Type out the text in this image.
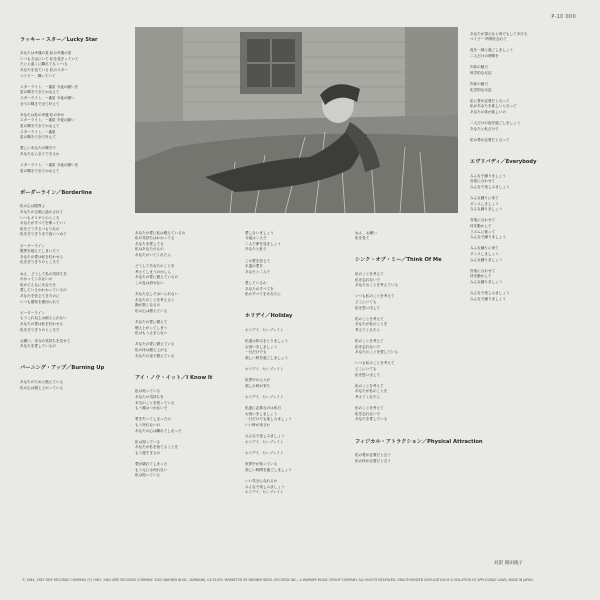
P-10 000

ラッキー・スター／Lucky Star

あなたは幸運の星 私の幸運の星
いつもそばにいて 私を見守っていて
たとえ遠くに離れても いつも
あなたを見ている 私のスター
ベイビー、輝いていて

スターライト、一番星 今夜の願いを
星の輝きで全てかなえて
スターライト、一番星 今夜の願い
全ての輝きで全て叶えて

あなたは私の幸運 私の幸せ
スターライト、一番星 今夜の願い
星の輝きで全てかなえて
スターライト、一番星
星の輝きで全て叶えて

愛しいあなたの輝きで
あなたなら全てできるわ

スターライト、一番星 今夜の願いを
星の輝きで全てかなえて

ボーダーライン／Borderline

私の心は限界よ
あなたの言葉に惑わされて
いつもギリギリのところ
あなたがすべてを奪っていく
私をどうするつもりなの
私をぎりぎりまで追いつめて

ボーダーライン
限界を超えてしまいそう
あなたの愛は私を狂わせる
私をぎりぎりのところで

ねえ、どうして私の気持ちを
わかってくれないの
私がどんなにあなたを
愛しているかわかっているの
あなたを信じてきたのに
いつも期待を裏切られて

ボーダーライン
もうこれ以上は耐えられない
あなたの愛は私を狂わせる
私をぎりぎりのところで

お願い、本当の気持ちを見せて
あなたを愛しているの

バーニング・アップ／Burning Up

あなたのために燃えている
私の心は燃え上がっている

あなたの愛に私は燃えているの
私の気持ちはわかってる
あなたを愛してる
私はあなたのもの
あなたがいてくれたら

どうしてあなたのことを
考えてしまうのかしら
あなたの愛に燃えているの
この炎は消せない

あなたなしではいられない
あなたのことを考えると
胸が熱くなるの
私の心は燃えている

あなたの愛に燃えて
燃え上がってしまう
私はもう止まらない

あなたの愛に燃えている
私の体は燃え上がる
あなたの炎で燃えている

アイ・ノウ・イット／I Know It

私は知っている
あなたの気持ちを
本当のことを知っている
もう嘘はつかないで

愛を失ってしまったの
もう戻れないの
あなたの心は離れてしまった

私は知っている
あなたが私を捨てることを
もう遅すぎるの

愛が壊れてしまった
もう元には戻れない
私は知っている

愛し合いましょう
今夜は二人で
二人で夢を見ましょう
あなたと私で

この愛を信じて
永遠の愛を
あなたと二人で

愛しているわ
あなたのすべてを
私のすべてをあなたに

ホリデイ／Holiday

ホリデイ、セレブレイト

私達は休みをとりましょう
お祝いをしましょう
一日だけでも
楽しい時を過ごしましょう

ホリデイ、セレブレイト

世界中の人々が
楽しむ時が来た

ホリデイ、セレブレイト

私達に必要なのは休日
お祝いをしましょう
一日だけでも楽しみましょう
いい時が来るわ

みんなで楽しみましょう
ホリデイ、セレブレイト

ホリデイ、セレブレイト

世界中が待っている
楽しい時間を過ごしましょう

いい気分になれるわ
みんなで楽しみましょう
ホリデイ、セレブレイト

ねえ、お願い
私を見て

シンク・オブ・ミー／Think Of Me

私のことを考えて
私を忘れないで
あなたのことを考えている

いつも私のことを考えて
どこにいても
私を思い出して

私のことを考えて
あなたが私のことを
考えてくれたら

私のことを考えて
私を忘れないで
あなたのことを愛している

いつも私のことを考えて
どこにいても
私を思い出して

私のことを考えて
あなたが私のことを
考えてくれたら

私のことを考えて
私を忘れないで
あなたを愛している

フィジカル・アトラクション／Physical Attraction

私の愛が必要だと言う
私の体が必要だと言う

あなたが望むなら何でもしてあげる
ベイビー 時間を忘れて

夜を一緒に過ごしましょう
二人だけの時間を

肉体の魅力
科学的な反応

肉体の魅力
化学的な反応

私に愛が必要だと言って
私があなたを欲しいと言って
あなたの体が欲しいの

二人だけの夜を過ごしましょう
あなたと私だけで

私の愛が必要だと言って

エヴリバディ／Everybody

みんなで踊りましょう
音楽に合わせて
みんなで楽しみましょう

みんな踊りに来て
ダンスしましょう
みんな踊りましょう

音楽に合わせて
体を動かして
リズムに乗って
みんなで踊りましょう

みんな踊りに来て
ダンスしましょう
みんな踊りましょう

音楽に合わせて
体を動かして
みんな踊りましょう

みんなで楽しみましょう
みんなで踊りましょう

対訳 岡田俊子
© 1984, 1983 SIRE RECORDS COMPANY. (P) 1983, 1984 SIRE RECORDS COMPANY. 3300 WARNER BLVD., BURBANK, CA 91505. MARKETED BY WARNER BROS. RECORDS INC., A WARNER MUSIC GROUP COMPANY. ALL RIGHTS RESERVED. UNAUTHORIZED DUPLICATION IS A VIOLATION OF APPLICABLE LAWS. MADE IN JAPAN.
